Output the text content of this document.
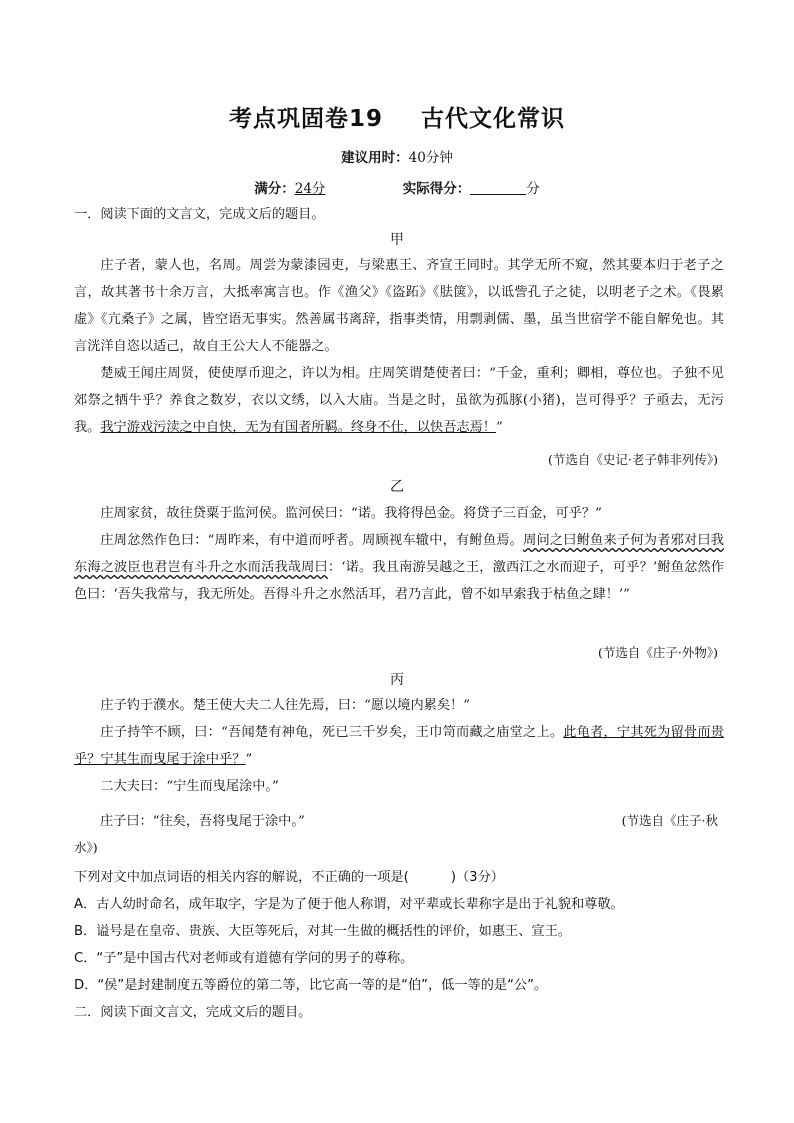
考点巩固卷19 古代文化常识
建议用时：40分钟
满分：24分	实际得分：	分
一．阅读下面的文言文，完成文后的题目。
甲

庄子者，蒙人也，名周。周尝为蒙漆园吏，与梁惠王、齐宣王同时。其学无所不窥，然其要本归于老子之言，故其著书十余万言，大抵率寓言也。作《渔父》《盗跖》《胠箧》，以诋訾孔子之徒，以明老子之术。《畏累虚》《亢桑子》之属，皆空语无事实。然善属书离辞，指事类情，用剽剥儒、墨，虽当世宿学不能自解免也。其言洸洋自恣以适己，故自王公大人不能器之。

楚威王闻庄周贤，使使厚币迎之，许以为相。庄周笑谓楚使者曰：“千金，重利；卿相，尊位也。子独不见郊祭之牺牛乎？养食之数岁，衣以文绣，以入大庙。当是之时，虽欲为孤豚(小猪)，岂可得乎？子亟去，无污我。我宁游戏污渎之中自快，无为有国者所羁。终身不仕，以快吾志焉！”

(节选自《史记·老子韩非列传》)
乙

庄周家贫，故往贷粟于监河侯。监河侯曰：“诺。我将得邑金。将贷子三百金，可乎？”

庄周忿然作色曰：“周昨来，有中道而呼者。周顾视车辙中，有鲋鱼焉。周问之曰鲋鱼来子何为者邪对曰我东海之波臣也君岂有斗升之水而活我哉周曰：‘诺。我且南游吴越之王，激西江之水而迎子，可乎？’鲋鱼忿然作色曰：‘吾失我常与，我无所处。吾得斗升之水然活耳，君乃言此，曾不如早索我于枯鱼之肆！’”

(节选自《庄子·外物》)
丙

庄子钓于濮水。楚王使大夫二人往先焉，曰：“愿以境内累矣！”

庄子持竿不顾，曰：“吾闻楚有神龟，死已三千岁矣，王巾笥而藏之庙堂之上。此龟者，宁其死为留骨而贵乎？宁其生而曳尾于涂中乎？”

二大夫曰：“宁生而曳尾涂中。”

庄子曰：“往矣，吾将曳尾于涂中。”	(节选自《庄子·秋
水》)
下列对文中加点词语的相关内容的解说，不正确的一项是(	)（3分）
A．古人幼时命名，成年取字，字是为了便于他人称谓，对平辈或长辈称字是出于礼貌和尊敬。
B．谥号是在皇帝、贵族、大臣等死后，对其一生做的概括性的评价，如惠王、宣王。
C．“子”是中国古代对老师或有道德有学问的男子的尊称。
D．“侯”是封建制度五等爵位的第二等，比它高一等的是“伯”，低一等的是“公”。
二．阅读下面文言文，完成文后的题目。
